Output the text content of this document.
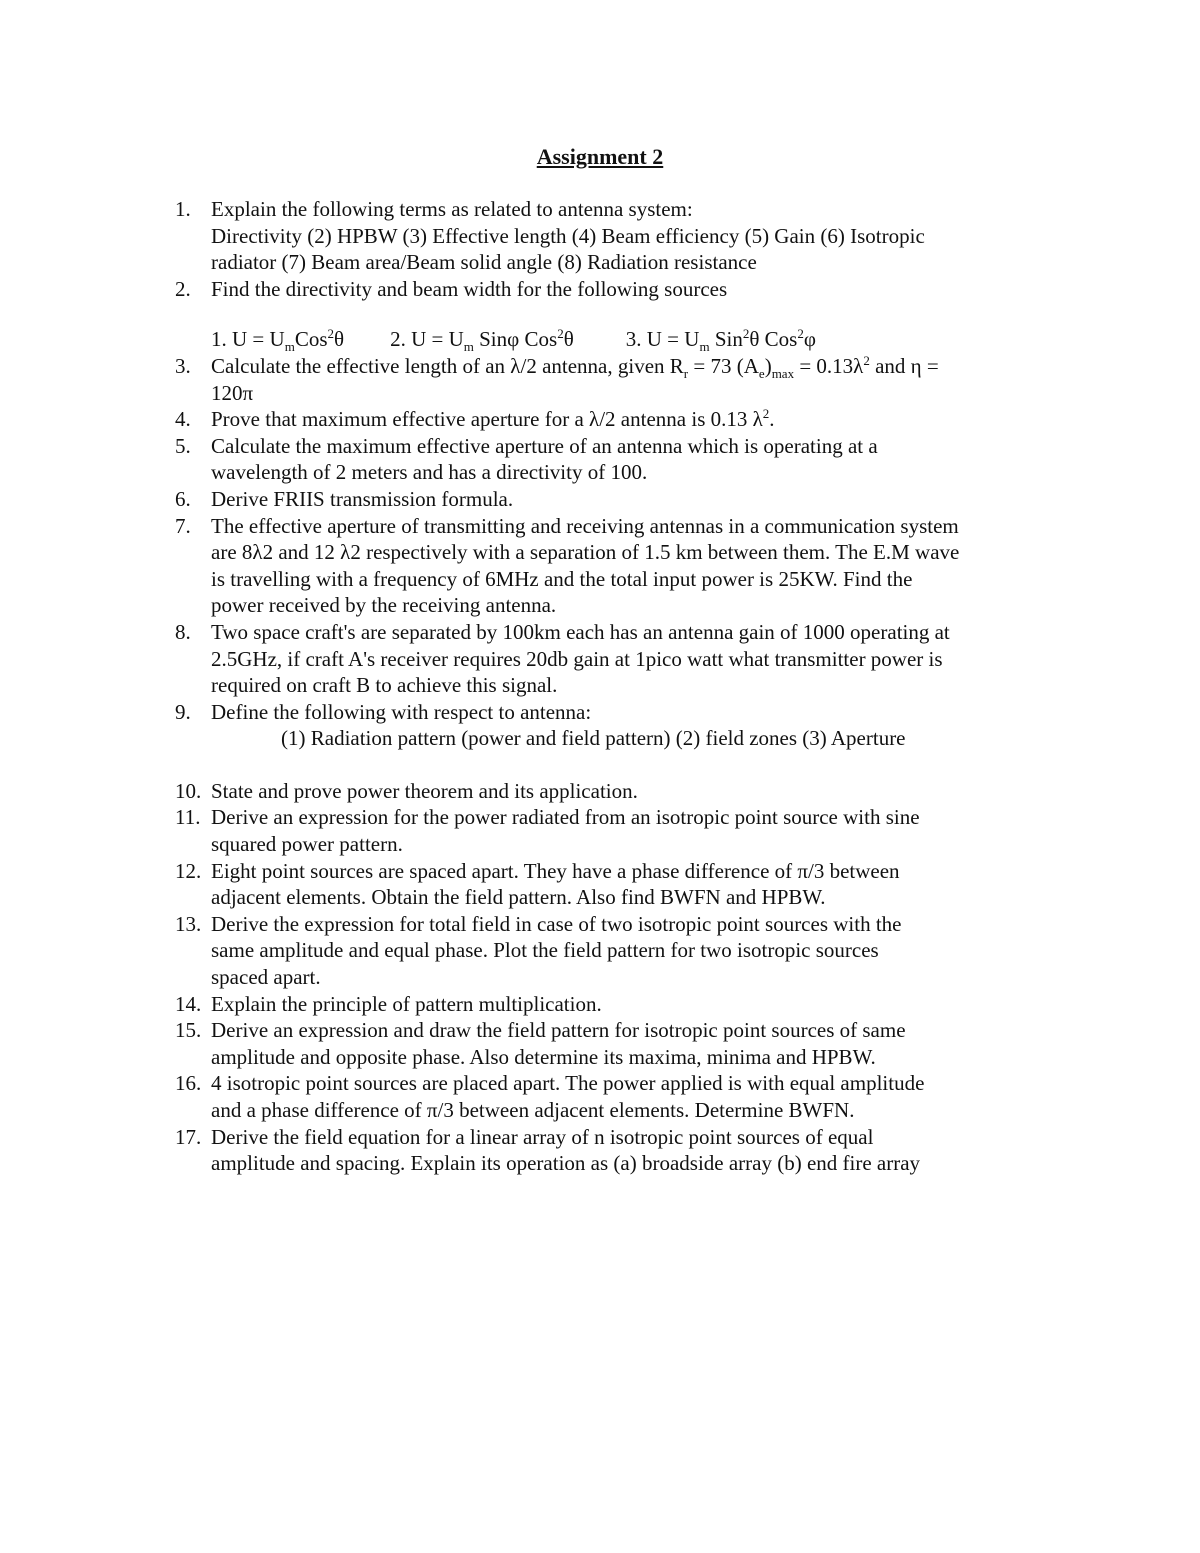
Assignment 2
1. Explain the following terms as related to antenna system:
Directivity (2) HPBW (3) Effective length (4) Beam efficiency (5) Gain (6) Isotropic
radiator (7) Beam area/Beam solid angle (8) Radiation resistance
2. Find the directivity and beam width for the following sources
1. $U = U_mCos^2\theta$ 2. $U = U_m$ Sinφ Cos$^2$θ 3. $U = U_m$ Sin$^2$θ Cos$^2$φ
3. Calculate the effective length of an λ/2 antenna, given $R_r = 73$ $(A_e)_{max} = 0.13\lambda^2$ and η =
120π
4. Prove that maximum effective aperture for a λ/2 antenna is 0.13 $\lambda^2$.
5. Calculate the maximum effective aperture of an antenna which is operating at a
wavelength of 2 meters and has a directivity of 100.
6. Derive FRIIS transmission formula.
7. The effective aperture of transmitting and receiving antennas in a communication system
are 8λ2 and 12 λ2 respectively with a separation of 1.5 km between them. The E.M wave
is travelling with a frequency of 6MHz and the total input power is 25KW. Find the
power received by the receiving antenna.
8. Two space craft's are separated by 100km each has an antenna gain of 1000 operating at
2.5GHz, if craft A's receiver requires 20db gain at 1pico watt what transmitter power is
required on craft B to achieve this signal.
9. Define the following with respect to antenna:
(1) Radiation pattern (power and field pattern) (2) field zones (3) Aperture
10. State and prove power theorem and its application.
11. Derive an expression for the power radiated from an isotropic point source with sine
squared power pattern.
12. Eight point sources are spaced apart. They have a phase difference of π/3 between
adjacent elements. Obtain the field pattern. Also find BWFN and HPBW.
13. Derive the expression for total field in case of two isotropic point sources with the
same amplitude and equal phase. Plot the field pattern for two isotropic sources
spaced apart.
14. Explain the principle of pattern multiplication.
15. Derive an expression and draw the field pattern for isotropic point sources of same
amplitude and opposite phase. Also determine its maxima, minima and HPBW.
16. 4 isotropic point sources are placed apart. The power applied is with equal amplitude
and a phase difference of π/3 between adjacent elements. Determine BWFN.
17. Derive the field equation for a linear array of n isotropic point sources of equal
amplitude and spacing. Explain its operation as (a) broadside array (b) end fire array
